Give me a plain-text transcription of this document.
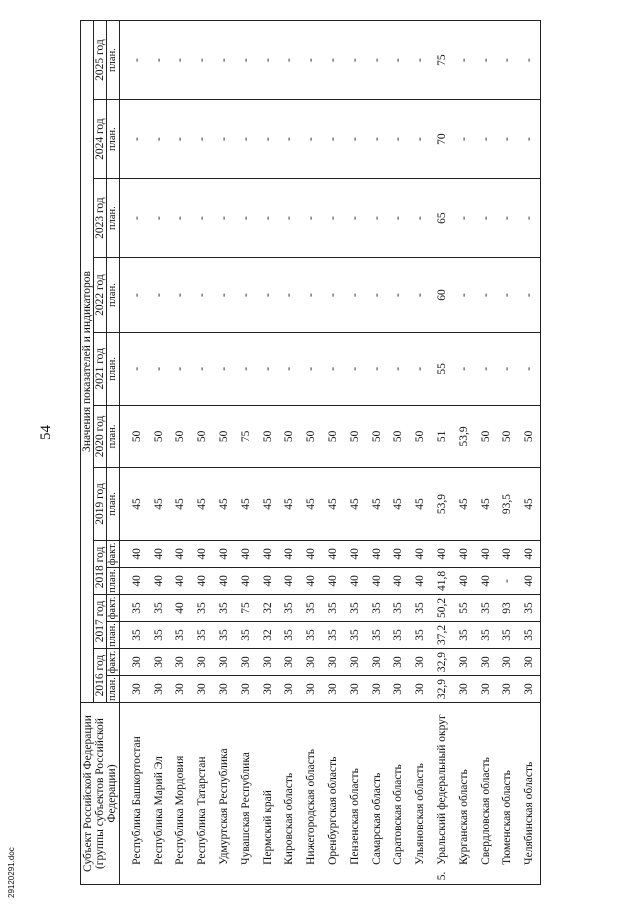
54
29120291.doc
Субъект Российской Федерации (группы субъектов Российской Федерации)		Значения показателей и индикаторов												
		2016 год		2017 год		2018 год		2019 год	2020 год	2021 год	2022 год	2023 год	2024 год	2025 год
		план.	факт.	план.	факт.	план.	факт.	план.	план.	план.	план.	план.	план.	план.

	Республика Башкортостан	30	30	35	35	40	40	45	50	-	-	-	-	-
	Республика Марий Эл	30	30	35	35	40	40	45	50	-	-	-	-	-
	Республика Мордовия	30	30	35	40	40	40	45	50	-	-	-	-	-
	Республика Татарстан	30	30	35	35	40	40	45	50	-	-	-	-	-
	Удмуртская Республика	30	30	35	35	40	40	45	50	-	-	-	-	-
	Чувашская Республика	30	30	35	75	40	40	45	75	-	-	-	-	-
	Пермский край	30	30	32	32	40	40	45	50	-	-	-	-	-
	Кировская область	30	30	35	35	40	40	45	50	-	-	-	-	-
	Нижегородская область	30	30	35	35	40	40	45	50	-	-	-	-	-
	Оренбургская область	30	30	35	35	40	40	45	50	-	-	-	-	-
	Пензенская область	30	30	35	35	40	40	45	50	-	-	-	-	-
	Самарская область	30	30	35	35	40	40	45	50	-	-	-	-	-
	Саратовская область	30	30	35	35	40	40	45	50	-	-	-	-	-
	Ульяновская область	30	30	35	35	40	40	45	50	-	-	-	-	-
5.	Уральский федеральный округ	32,9	32,9	37,2	50,2	41,8	40	53,9	51	55	60	65	70	75
	Курганская область	30	30	35	55	40	40	45	53,9	-	-	-	-	-
	Свердловская область	30	30	35	35	40	40	45	50	-	-	-	-	-
	Тюменская область	30	30	35	93	-	40	93,5	50	-	-	-	-	-
	Челябинская область	30	30	35	35	40	40	45	50	-	-	-	-	-
